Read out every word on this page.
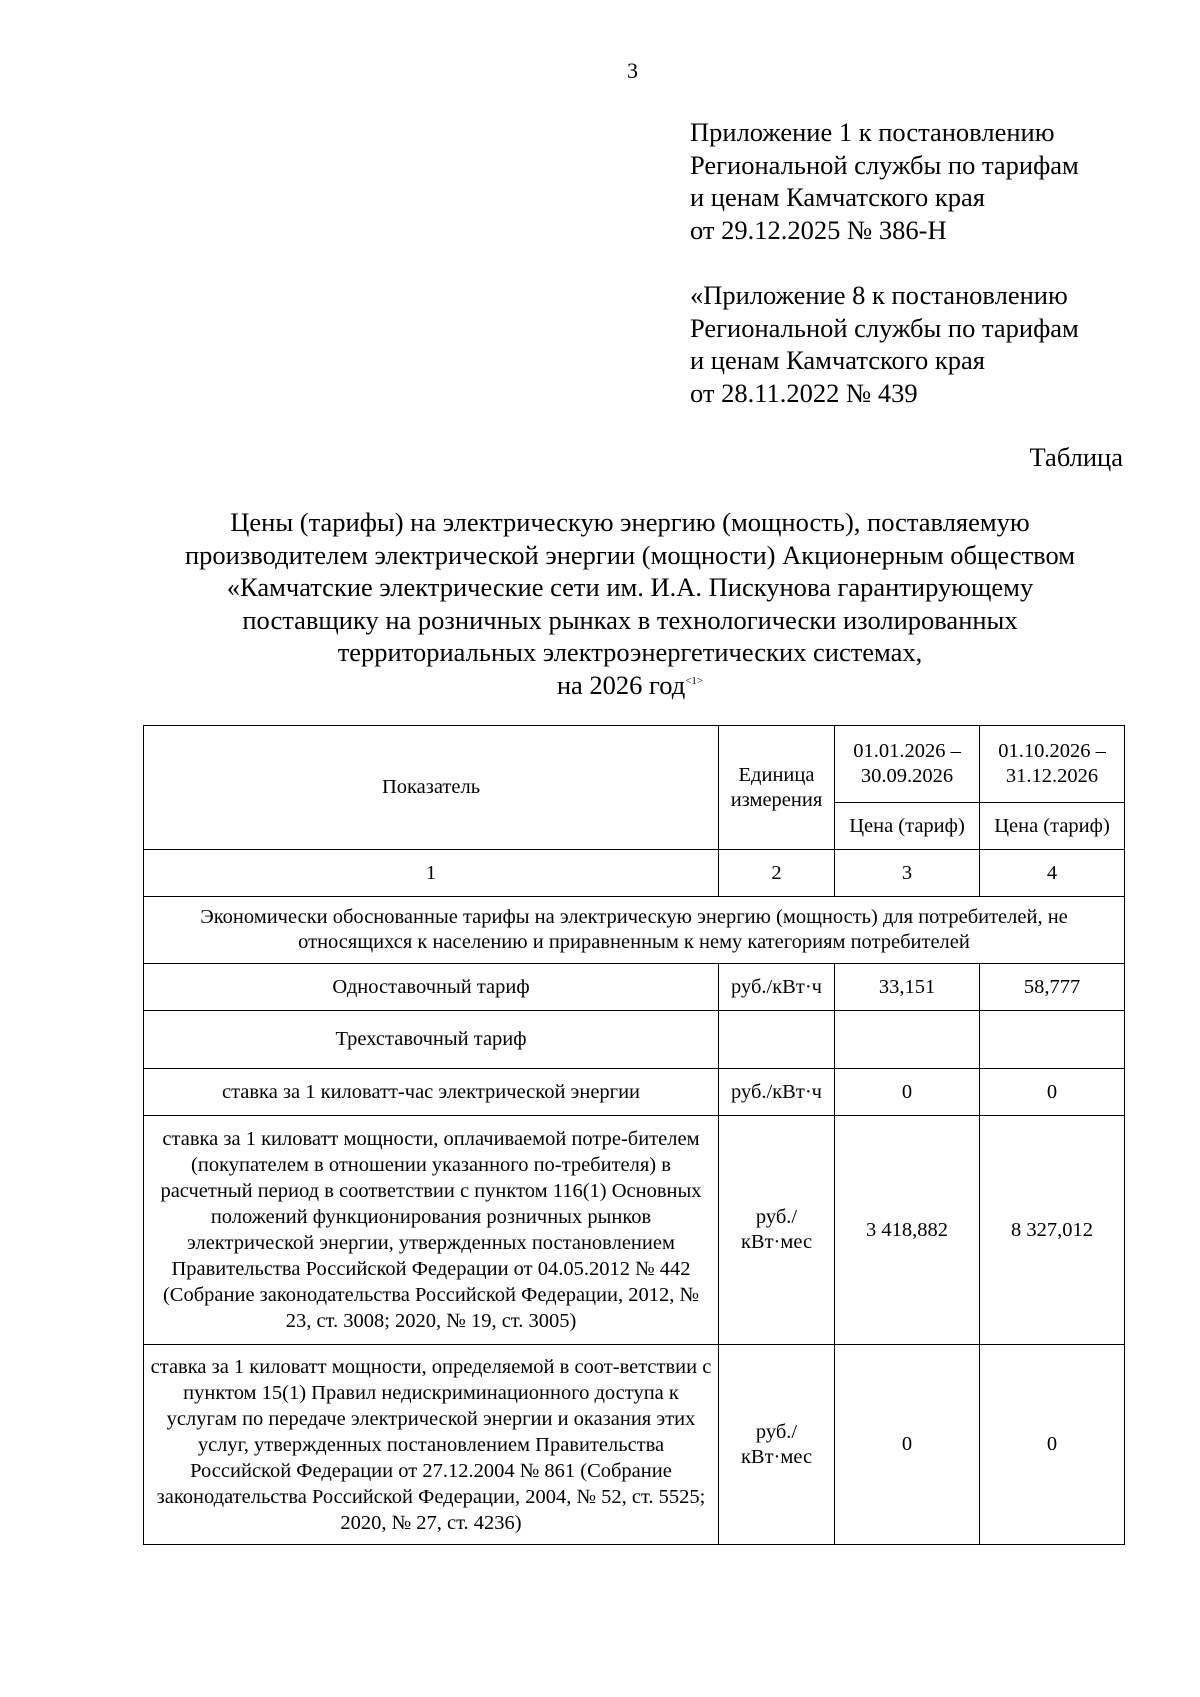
3
Приложение 1 к постановлению
Региональной службы по тарифам
и ценам Камчатского края
от 29.12.2025 № 386-Н
«Приложение 8 к постановлению
Региональной службы по тарифам
и ценам Камчатского края
от 28.11.2022 № 439
Таблица
Цены (тарифы) на электрическую энергию (мощность), поставляемую
производителем электрической энергии (мощности) Акционерным обществом
«Камчатские электрические сети им. И.А. Пискунова гарантирующему
поставщику на розничных рынках в технологически изолированных
территориальных электроэнергетических системах,
на 2026 год$^{<1>}$
Показатель	Единица измерения	01.01.2026 – 30.09.2026	01.10.2026 – 31.12.2026
		Цена (тариф)	Цена (тариф)
1	2	3	4
Экономически обоснованные тарифы на электрическую энергию (мощность) для потребителей, не относящихся к населению и приравненным к нему категориям потребителей			
Одноставочный тариф	руб./кВт·ч	33,151	58,777
Трехставочный тариф			
ставка за 1 киловатт-час электрической энергии	руб./кВт·ч	0	0
ставка за 1 киловатт мощности, оплачиваемой потре-бителем (покупателем в отношении указанного по-требителя) в расчетный период в соответствии с пунктом 116(1) Основных положений функционирования розничных рынков электрической энергии, утвержденных постановлением Правительства Российской Федерации от 04.05.2012 № 442 (Собрание законодательства Российской Федерации, 2012, № 23, ст. 3008; 2020, № 19, ст. 3005)	руб./ кВт·мес	3 418,882	8 327,012
ставка за 1 киловатт мощности, определяемой в соот-ветствии с пунктом 15(1) Правил недискриминационного доступа к услугам по передаче электрической энергии и оказания этих услуг, утвержденных постановлением Правительства Российской Федерации от 27.12.2004 № 861 (Собрание законодательства Российской Федерации, 2004, № 52, ст. 5525; 2020, № 27, ст. 4236)	руб./ кВт·мес	0	0
